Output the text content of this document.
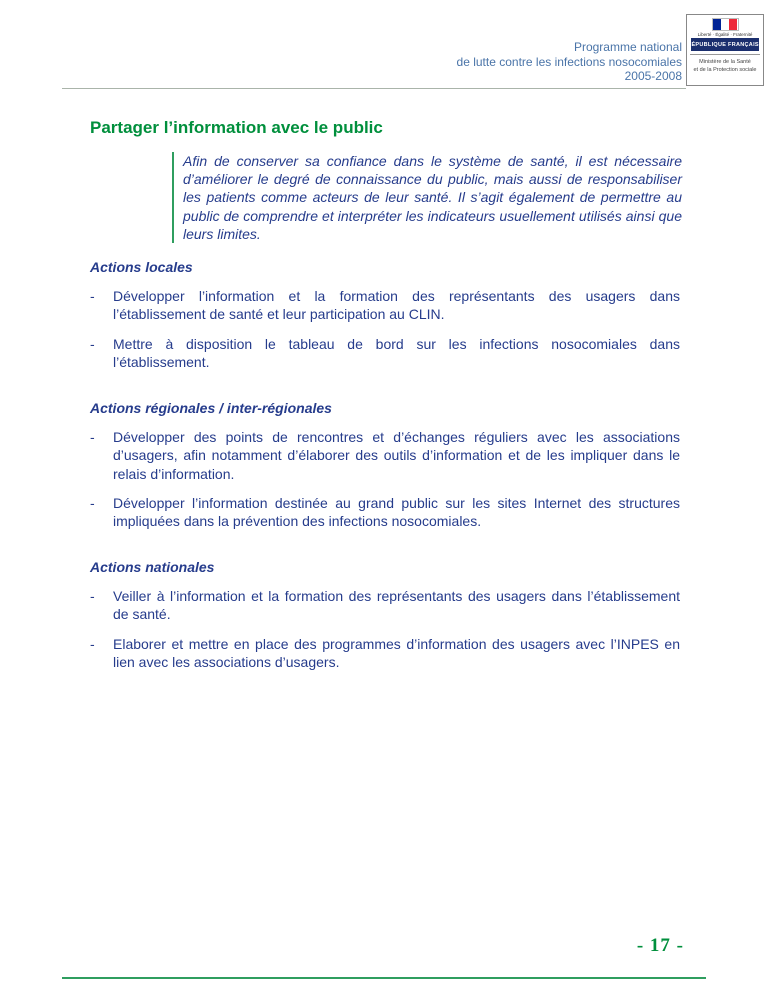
Programme national
de lutte contre les infections nosocomiales
2005-2008
Liberté · Égalité · Fraternité
RÉPUBLIQUE FRANÇAISE
Ministère de la Santé
et de la Protection sociale
Partager l’information avec le public
Afin de conserver sa confiance dans le système de santé, il est nécessaire d’améliorer le degré de connaissance du public, mais aussi de responsabiliser les patients comme acteurs de leur santé. Il s’agit également de permettre au public de comprendre et interpréter les indicateurs usuellement utilisés ainsi que leurs limites.
Actions locales
-	Développer l’information et la formation des représentants des usagers dans l’établissement de santé et leur participation au CLIN.
-	Mettre à disposition le tableau de bord sur les infections nosocomiales dans l’établissement.
Actions régionales / inter-régionales
-	Développer des points de rencontres et d’échanges réguliers avec les associations d’usagers, afin notamment d’élaborer des outils d’information et de les impliquer dans le relais d’information.
-	Développer l’information destinée au grand public sur les sites Internet des structures impliquées dans la prévention des infections nosocomiales.
Actions nationales
-	Veiller à l’information et la formation des représentants des usagers dans l’établissement de santé.
-	Elaborer et mettre en place des programmes d’information des usagers avec l’INPES en lien avec les associations d’usagers.
- 17 -
